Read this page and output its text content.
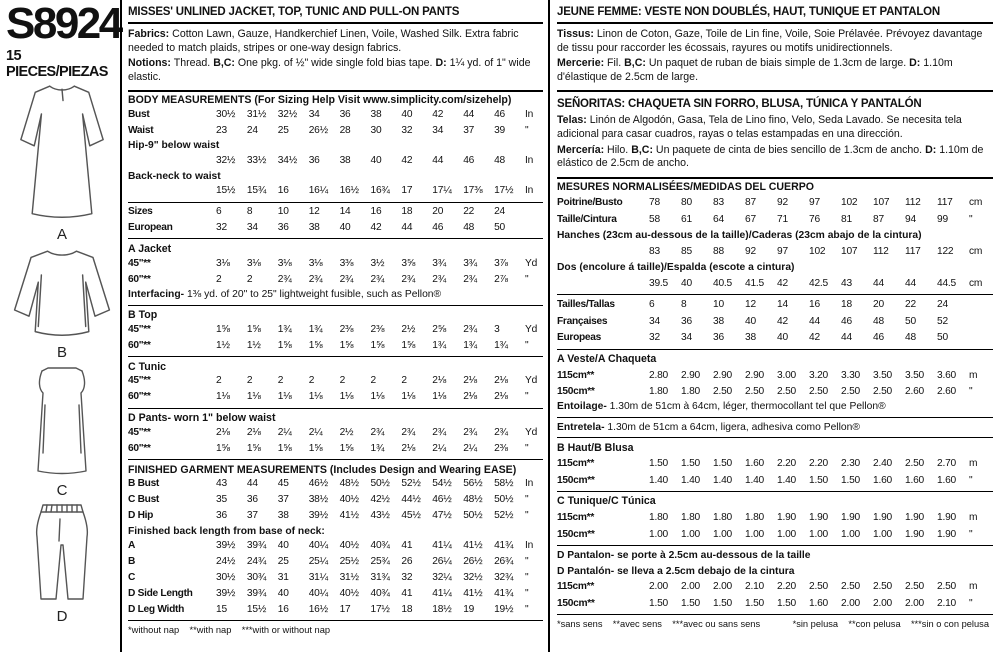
S8924
15 PIECES/PIEZAS
A
B
C
D
MISSES' UNLINED JACKET, TOP, TUNIC AND PULL-ON PANTS

Fabrics: Cotton Lawn, Gauze, Handkerchief Linen, Voile, Washed Silk. Extra fabric needed to match plaids, stripes or one-way design fabrics.

Notions: Thread. B,C: One pkg. of ½" wide single fold bias tape. D: 1¼ yd. of 1" wide elastic.

BODY MEASUREMENTS (For Sizing Help Visit www.simplicity.com/sizehelp)
Bust	30½	31½	32½	34	36	38	40	42	44	46	In
Waist	23	24	25	26½	28	30	32	34	37	39	"
Hip-9" below waist
32½	33½	34½	36	38	40	42	44	46	48	In
Back-neck to waist
15½	15¾	16	16¼	16½	16¾	17	17¼	17⅜	17½	In
Sizes	6	8	10	12	14	16	18	20	22	24
European	32	34	36	38	40	42	44	46	48	50
A Jacket
45"**	3⅛	3⅛	3⅛	3⅛	3⅜	3½	3⅝	3¾	3¾	3⅞	Yd
60"**	2	2	2¾	2¾	2¾	2¾	2¾	2¾	2¾	2⅞	"
Interfacing- 1⅜ yd. of 20" to 25" lightweight fusible, such as Pellon®
B Top
45"**	1⅝	1⅝	1¾	1¾	2⅜	2⅜	2½	2⅝	2¾	3	Yd
60"**	1½	1½	1⅝	1⅝	1⅝	1⅝	1⅝	1¾	1¾	1¾	"
C Tunic
45"**	2	2	2	2	2	2	2	2⅛	2⅛	2⅛	Yd
60"**	1⅛	1⅛	1⅛	1⅛	1⅛	1⅛	1⅛	1⅛	2⅛	2⅛	"
D Pants- worn 1" below waist
45"**	2⅛	2⅛	2¼	2¼	2½	2¾	2¾	2¾	2¾	2¾	Yd
60"**	1⅝	1⅝	1⅝	1⅝	1⅝	1¾	2⅛	2¼	2¼	2⅜	"
FINISHED GARMENT MEASUREMENTS (Includes Design and Wearing EASE)
B Bust	43	44	45	46½	48½	50½	52½	54½	56½	58½	In
C Bust	35	36	37	38½	40½	42½	44½	46½	48½	50½	"
D Hip	36	37	38	39½	41½	43½	45½	47½	50½	52½	"
Finished back length from base of neck:
A	39½	39¾	40	40¼	40½	40¾	41	41¼	41½	41¾	In
B	24½	24¾	25	25¼	25½	25¾	26	26¼	26½	26¾	"
C	30½	30¾	31	31¼	31½	31¾	32	32¼	32½	32¾	"
D Side Length	39½	39¾	40	40¼	40½	40¾	41	41¼	41½	41¾	"
D Leg Width	15	15½	16	16½	17	17½	18	18½	19	19½	"
*without nap    **with nap    ***with or without nap
JEUNE FEMME: VESTE NON DOUBLÉS, HAUT, TUNIQUE ET PANTALON

Tissus: Linon de Coton, Gaze, Toile de Lin fine, Voile, Soie Prélavée. Prévoyez davantage de tissu pour raccorder les écossais, rayures ou motifs unidirectionnels.

Mercerie: Fil. B,C: Un paquet de ruban de biais simple de 1.3cm de large. D: 1.10m d'élastique de 2.5cm de large.

SEÑORITAS: CHAQUETA SIN FORRO, BLUSA, TÚNICA Y PANTALÓN

Telas: Linón de Algodón, Gasa, Tela de Lino fino, Velo, Seda Lavado. Se necesita tela adicional para casar cuadros, rayas o telas estampadas en una dirección.

Mercería: Hilo. B,C: Un paquete de cinta de bies sencillo de 1.3cm de ancho. D: 1.10m de elástico de 2.5cm de ancho.

MESURES NORMALISÉES/MEDIDAS DEL CUERPO
Poitrine/Busto	78	80	83	87	92	97	102	107	112	117	cm
Taille/Cintura	58	61	64	67	71	76	81	87	94	99	"
Hanches (23cm au-dessous de la taille)/Caderas (23cm abajo de la cintura)
83	85	88	92	97	102	107	112	117	122	cm
Dos (encolure á taille)/Espalda (escote a cintura)
39.5	40	40.5	41.5	42	42.5	43	44	44	44.5	cm
Tailles/Tallas	6	8	10	12	14	16	18	20	22	24
Françaises	34	36	38	40	42	44	46	48	50	52
Europeas	32	34	36	38	40	42	44	46	48	50
A Veste/A Chaqueta
115cm**	2.80	2.90	2.90	2.90	3.00	3.20	3.30	3.50	3.50	3.60	m
150cm**	1.80	1.80	2.50	2.50	2.50	2.50	2.50	2.50	2.60	2.60	"
Entoilage- 1.30m de 51cm à 64cm, léger, thermocollant tel que Pellon®
Entretela- 1.30m de 51cm a 64cm, ligera, adhesiva como Pellon®
B Haut/B Blusa
115cm**	1.50	1.50	1.50	1.60	2.20	2.20	2.30	2.40	2.50	2.70	m
150cm**	1.40	1.40	1.40	1.40	1.40	1.50	1.50	1.60	1.60	1.60	"
C Tunique/C Túnica
115cm**	1.80	1.80	1.80	1.80	1.90	1.90	1.90	1.90	1.90	1.90	m
150cm**	1.00	1.00	1.00	1.00	1.00	1.00	1.00	1.00	1.90	1.90	"
D Pantalon- se porte à 2.5cm au-dessous de la taille
D Pantalón- se lleva a 2.5cm debajo de la cintura
115cm**	2.00	2.00	2.00	2.10	2.20	2.50	2.50	2.50	2.50	2.50	m
150cm**	1.50	1.50	1.50	1.50	1.50	1.60	2.00	2.00	2.00	2.10	"
*sans sens    **avec sens    ***avec ou sans sens	*sin pelusa    **con pelusa    ***sin o con pelusa
